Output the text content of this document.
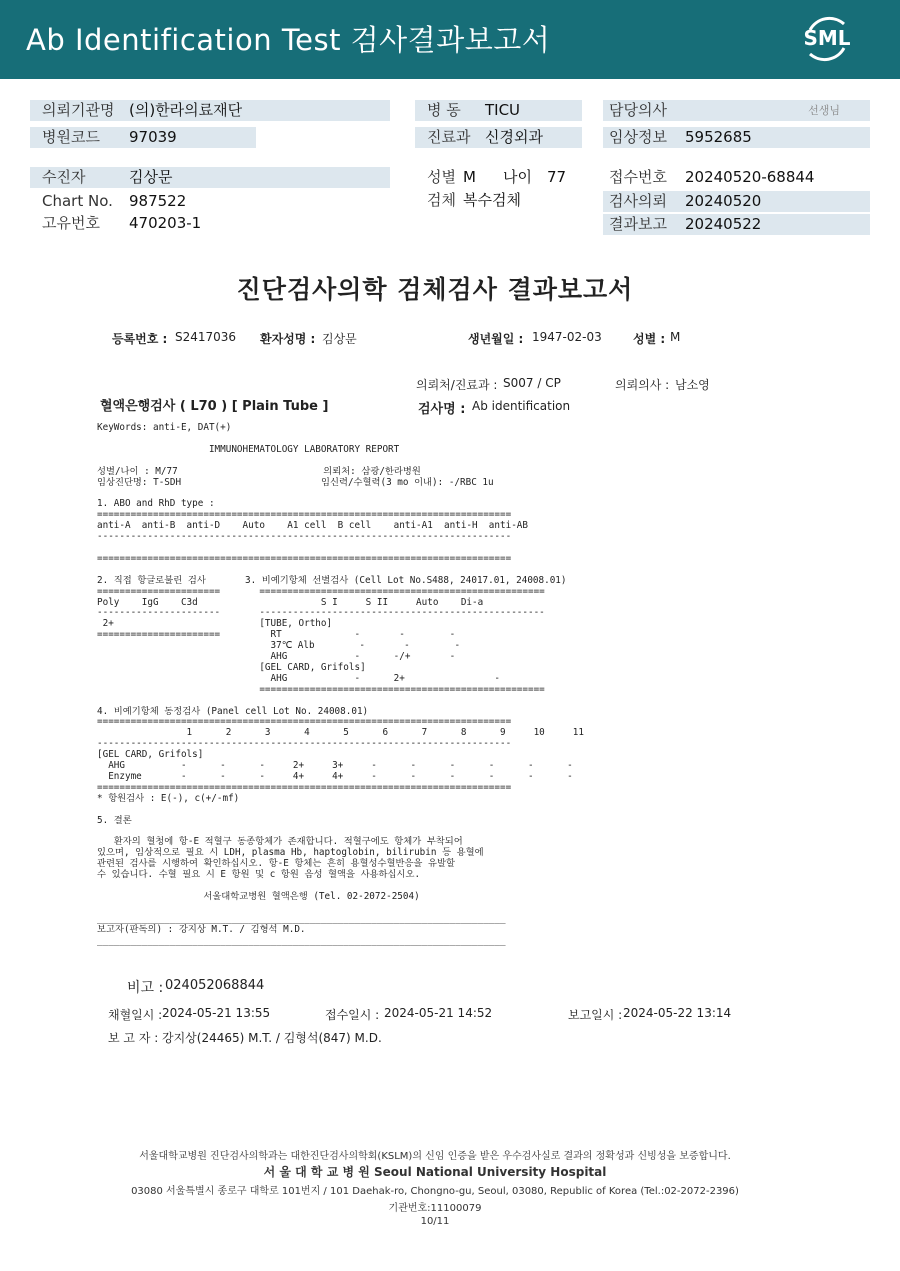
Ab Identification Test 검사결과보고서	SML
의뢰기관명 (의)한라의료재단
병원코드 97039
병 동 TICU
진료과 신경외과
담당의사	선생님
임상정보 5952685
수진자	김상문
Chart No. 987522
고유번호 470203-1
성별 M 나이 77
검체 복수검체
접수번호 20240520-68844
검사의뢰 20240520
결과보고 20240522
진단검사의학 검체검사 결과보고서
등록번호 : S2417036 환자성명 : 김상문	생년월일 : 1947-02-03	성별 : M
의뢰처/진료과 : S007 / CP	의뢰의사 : 남소영
혈액은행검사 ( L70 ) [ Plain Tube ]	검사명 : Ab identification
KeyWords: anti-E, DAT(+)

IMMUNOHEMATOLOGY LABORATORY REPORT

성별/나이 : M/77                          의뢰처: 삼광/한라병원
임상진단명: T-SDH                         임신력/수혈력(3 mo 이내): -/RBC 1u

1. ABO and RhD type :
==========================================================================
anti-A  anti-B  anti-D    Auto    A1 cell  B cell    anti-A1  anti-H  anti-AB
--------------------------------------------------------------------------

==========================================================================

2. 직접 항글로불린 검사       3. 비예기항체 선별검사 (Cell Lot No.S488, 24017.01, 24008.01)
======================       ===================================================
Poly    IgG    C3d                      S I     S II     Auto    Di-a
----------------------       ---------------------------------------------------
2+                          [TUBE, Ortho]
======================         RT             -       -        -
37℃ Alb        -       -        -
AHG            -      -/+       -
[GEL CARD, Grifols]
AHG            -      2+                -
===================================================

4. 비예기항체 동정검사 (Panel cell Lot No. 24008.01)
==========================================================================
1      2      3      4      5      6      7      8      9     10     11
--------------------------------------------------------------------------
[GEL CARD, Grifols]
AHG          -      -      -     2+     3+     -      -      -      -      -      -
Enzyme       -      -      -     4+     4+     -      -      -      -      -      -
==========================================================================
* 항원검사 : E(-), c(+/-mf)

5. 결론

환자의 혈청에 항-E 적혈구 동종항체가 존재합니다. 적혈구에도 항체가 부착되어
있으며, 임상적으로 필요 시 LDH, plasma Hb, haptoglobin, bilirubin 등 용혈에
관련된 검사를 시행하여 확인하십시오. 항-E 항체는 흔히 용혈성수혈반응을 유발할
수 있습니다. 수혈 필요 시 E 항원 및 c 항원 음성 혈액을 사용하십시오.

서울대학교병원 혈액은행 (Tel. 02-2072-2504)

_________________________________________________________________________
보고자(판독의) : 강지상 M.T. / 김형석 M.D.
_________________________________________________________________________
비고 : 024052068844
채혈일시 : 2024-05-21 13:55	접수일시 : 2024-05-21 14:52	보고일시 : 2024-05-22 13:14
보 고 자 : 강지상(24465) M.T. / 김형석(847) M.D.
서울대학교병원 진단검사의학과는 대한진단검사의학회(KSLM)의 신임 인증을 받은 우수검사실로 결과의 정확성과 신빙성을 보증합니다.
서 울 대 학 교 병 원 Seoul National University Hospital
03080 서울특별시 종로구 대학로 101번지 / 101 Daehak-ro, Chongno-gu, Seoul, 03080, Republic of Korea (Tel.:02-2072-2396)
기관번호:11100079
10/11
